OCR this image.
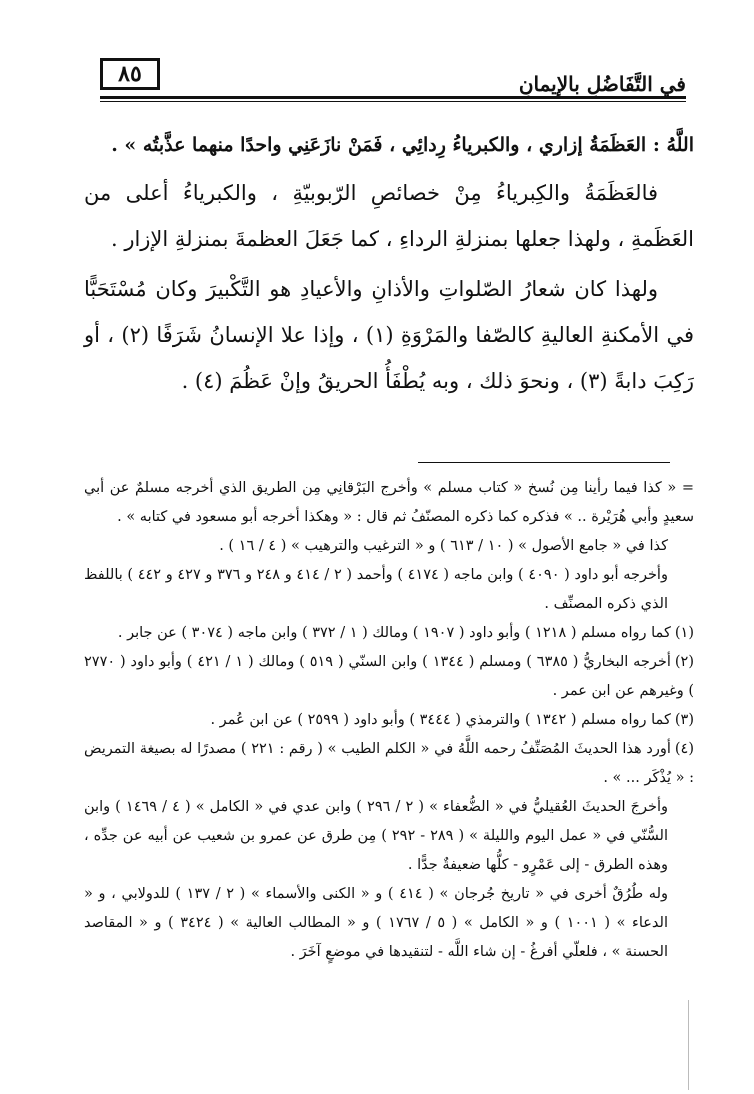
في التَّفَاضُلِ بالإيمانِ
٨٥

اللَّهُ : العَظَمَةُ إزاري ، والكبرياءُ رِدائِي ، فَمَنْ نازَعَنِي واحدًا منهما عذَّبتُه » .

فالعَظَمَةُ والكِبرياءُ مِنْ خصائصِ الرّبوبيّةِ ، والكبرياءُ أعلى من العَظَمةِ ، ولهذا جعلها بمنزلةِ الرداءِ ، كما جَعَلَ العظمةَ بمنزلةِ الإزار .

ولهذا كان شعارُ الصّلواتِ والأذانِ والأعيادِ هو التَّكْبيرَ وكان مُسْتَحَبًّا في الأمكنةِ العاليةِ كالصّفا والمَرْوَةِ (١) ، وإذا علا الإنسانُ شَرَفًا (٢) ، أو رَكِبَ دابةً (٣) ، ونحوَ ذلك ، وبه يُطْفَأُ الحريقُ وإنْ عَظُمَ (٤) .

= « كذا فيما رأينا مِن نُسخ « كتاب مسلم » وأخرج البَرْقانِي مِن الطريق الذي أخرجه مسلمٌ عن أبي سعيدٍ وأبي هُرَيْرة .. » فذكره كما ذكره المصنّفُ ثم قال : « وهكذا أخرجه أبو مسعود في كتابه » .

كذا في « جامع الأصول » ( ١٠ / ٦١٣ ) و « الترغيب والترهيب » ( ٤ / ١٦ ) .

وأخرجه أبو داود ( ٤٠٩٠ ) وابن ماجه ( ٤١٧٤ ) وأحمد ( ٢ / ٤١٤ و ٢٤٨ و ٣٧٦ و ٤٢٧ و ٤٤٢ ) باللفظ الذي ذكره المصنِّف .

(١)كما رواه مسلم ( ١٢١٨ ) وأبو داود ( ١٩٠٧ ) ومالك ( ١ / ٣٧٢ ) وابن ماجه ( ٣٠٧٤ ) عن جابر .

(٢)أخرجه البخاريُّ ( ٦٣٨٥ ) ومسلم ( ١٣٤٤ ) وابن السنّي ( ٥١٩ ) ومالك ( ١ / ٤٢١ ) وأبو داود ( ٢٧٧٠ ) وغيرهم عن ابن عمر .

(٣)كما رواه مسلم ( ١٣٤٢ ) والترمذي ( ٣٤٤٤ ) وأبو داود ( ٢٥٩٩ ) عن ابن عُمر .

(٤)أورد هذا الحديثَ المُصَنِّفُ رحمه اللَّهُ في « الكلم الطيب » ( رقم : ٢٢١ ) مصدرًا له بصيغة التمريض : « يُذْكَر ... » .

وأخرجَ الحديثَ العُقيليُّ في « الضُّعفاء » ( ٢ / ٢٩٦ ) وابن عدي في « الكامل » ( ٤ / ١٤٦٩ ) وابن السُّنّي في « عمل اليوم والليلة » ( ٢٨٩ - ٢٩٢ ) مِن طرق عن عمرو بن شعيب عن أبيه عن جدِّه ، وهذه الطرق - إلى عَمْرٍو - كلُّها ضعيفةٌ جدًّا .

وله طُرُقٌ أخرى في « تاريخ جُرجان » ( ٤١٤ ) و « الكنى والأسماء » ( ٢ / ١٣٧ ) للدولابي ، و « الدعاء » ( ١٠٠١ ) و « الكامل » ( ٥ / ١٧٦٧ ) و « المطالب العالية » ( ٣٤٢٤ ) و « المقاصد الحسنة » ، فلعلّي أفرغُ - إن شاء اللَّه - لتنقيدها في موضعٍ آخَرَ .
